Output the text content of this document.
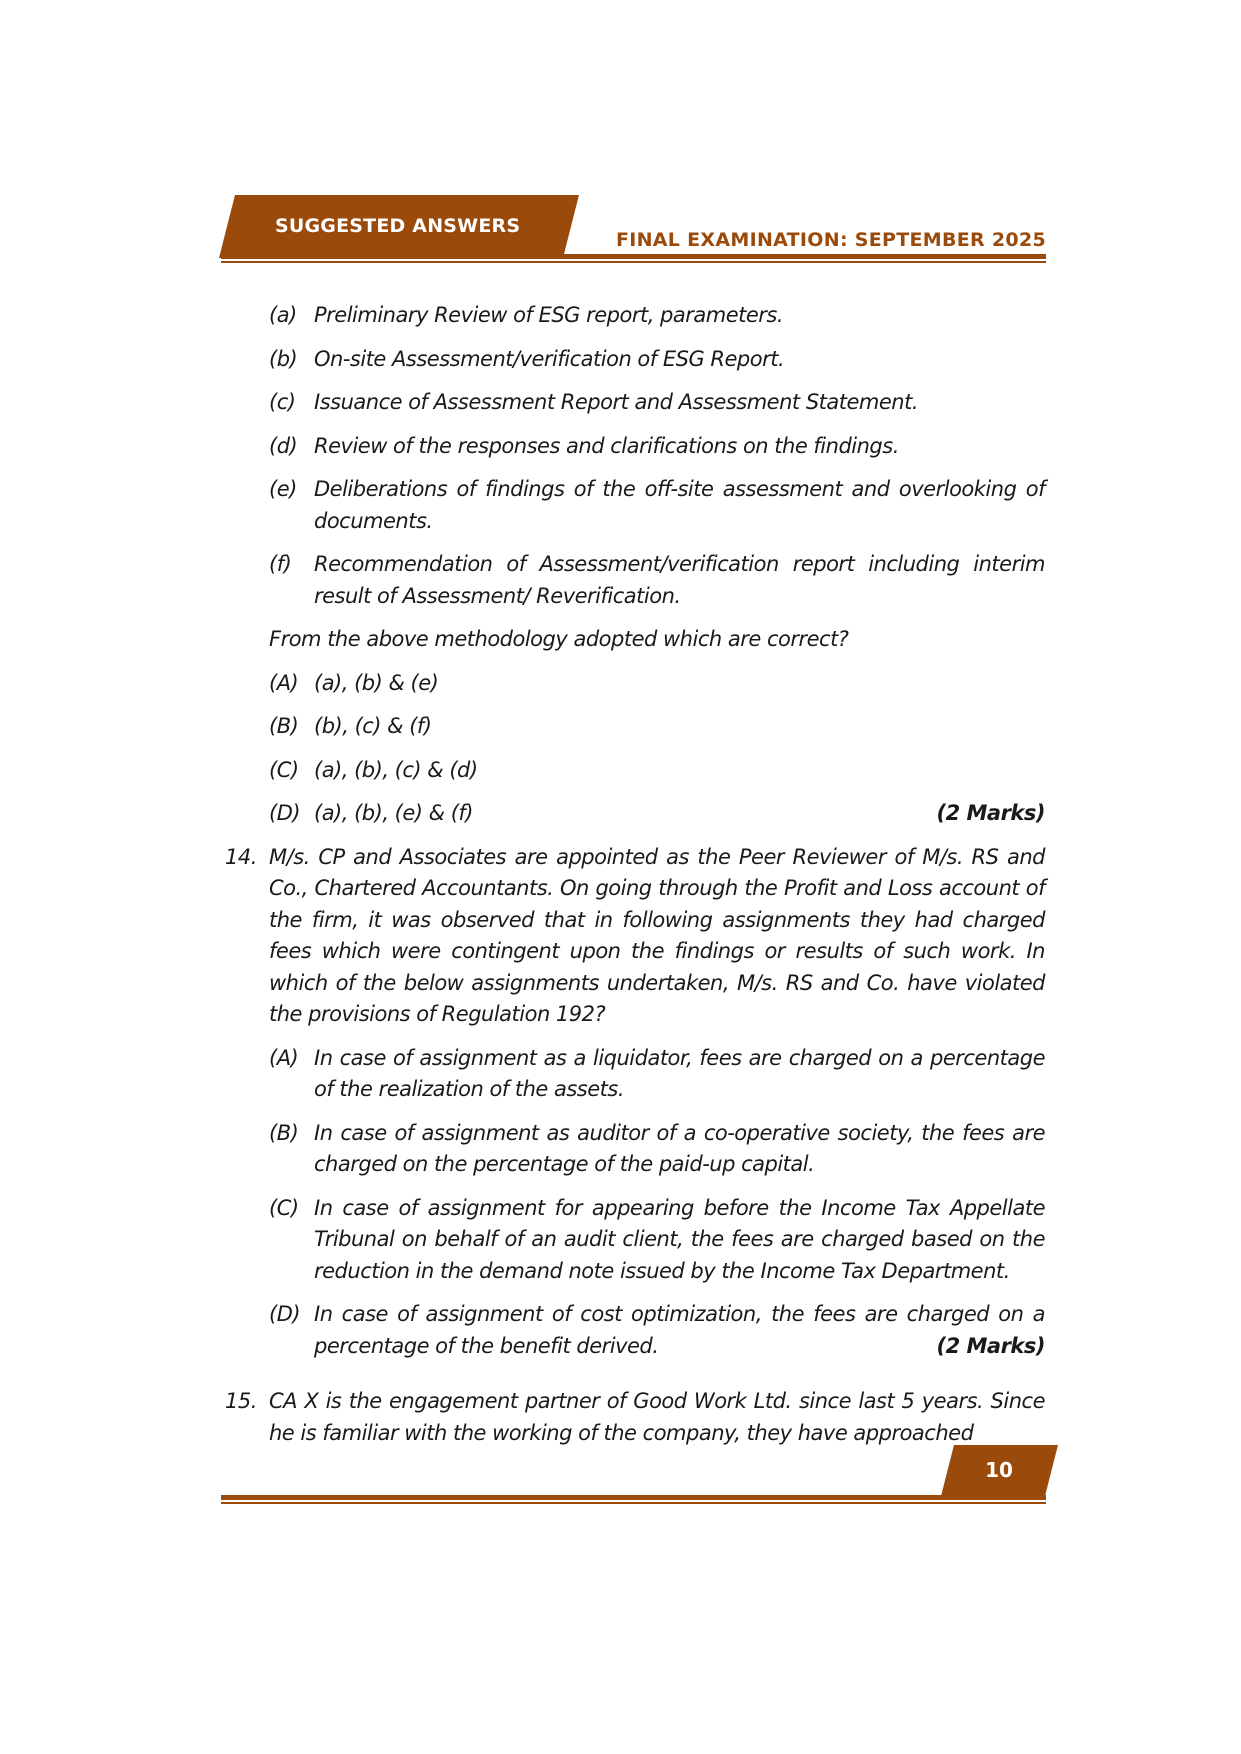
SUGGESTED ANSWERS
FINAL EXAMINATION: SEPTEMBER 2025
(a) Preliminary Review of ESG report, parameters.
(b) On-site Assessment/verification of ESG Report.
(c) Issuance of Assessment Report and Assessment Statement.
(d) Review of the responses and clarifications on the findings.
(e) Deliberations of findings of the off-site assessment and overlooking of documents.
(f)	Recommendation of Assessment/verification report including interim result of Assessment/ Reverification.
From the above methodology adopted which are correct?
(A) (a), (b) & (e)
(B) (b), (c) & (f)
(C) (a), (b), (c) & (d)
(D) (a), (b), (e) & (f)	(2 Marks)
14. M/s. CP and Associates are appointed as the Peer Reviewer of M/s. RS and Co., Chartered Accountants. On going through the Profit and Loss account of the firm, it was observed that in following assignments they had charged fees which were contingent upon the findings or results of such work. In which of the below assignments undertaken, M/s. RS and Co. have violated the provisions of Regulation 192?
(A) In case of assignment as a liquidator, fees are charged on a percentage of the realization of the assets.
(B) In case of assignment as auditor of a co-operative society, the fees are charged on the percentage of the paid-up capital.
(C) In case of assignment for appearing before the Income Tax Appellate Tribunal on behalf of an audit client, the fees are charged based on the reduction in the demand note issued by the Income Tax Department.
(D) In case of assignment of cost optimization, the fees are charged on a percentage of the benefit derived.	(2 Marks)
15. CA X is the engagement partner of Good Work Ltd. since last 5 years. Since he is familiar with the working of the company, they have approached
10
